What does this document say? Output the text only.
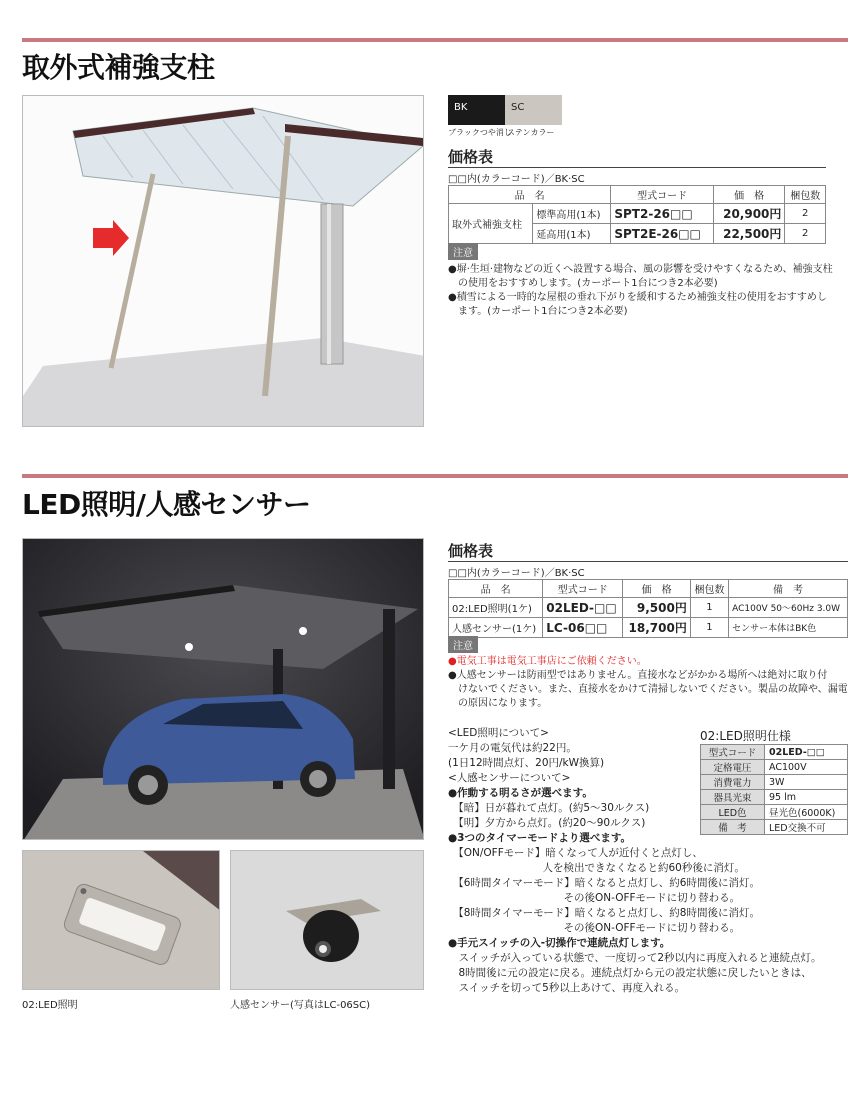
取外式補強支柱
BK	SC
ブラックつや消し
ステンカラー
価格表
□□内(カラーコード)／BK·SC
品　名		型式コード	価　格	梱包数
取外式補強支柱	標準高用(1本)	SPT2-26□□	20,900円	2
	延高用(1本)	SPT2E-26□□	22,500円	2
注意
●塀·生垣·建物などの近くへ設置する場合、風の影響を受けやすくなるため、補強支柱
　の使用をおすすめします。(カーポート1台につき2本必要)
●積雪による一時的な屋根の垂れ下がりを緩和するため補強支柱の使用をおすすめし
　ます。(カーポート1台につき2本必要)
LED照明/人感センサー
02:LED照明	人感センサー(写真はLC-06SC)
価格表
□□内(カラーコード)／BK·SC
品　名	型式コード	価　格	梱包数	備　考
02:LED照明(1ケ)	02LED-□□	9,500円	1	AC100V 50～60Hz 3.0W
人感センサー(1ケ)	LC-06□□	18,700円	1	センサー本体はBK色
注意
●電気工事は電気工事店にご依頼ください。
●人感センサーは防雨型ではありません。直接水などがかかる場所へは絶対に取り付
　けないでください。また、直接水をかけて清掃しないでください。製品の故障や、漏電
　の原因になります。
<LED照明について>
一ケ月の電気代は約22円。
(1日12時間点灯、20円/kW換算)
<人感センサーについて>
●作動する明るさが選べます。
　【暗】日が暮れて点灯。(約5～30ルクス)
　【明】夕方から点灯。(約20～90ルクス)
●3つのタイマーモードより選べます。
　【ON/OFFモード】暗くなって人が近付くと点灯し、
　　　　　　　　　人を検出できなくなると約60秒後に消灯。
　【6時間タイマーモード】暗くなると点灯し、約6時間後に消灯。
　　　　　　　　　　　その後ON-OFFモードに切り替わる。
　【8時間タイマーモード】暗くなると点灯し、約8時間後に消灯。
　　　　　　　　　　　その後ON-OFFモードに切り替わる。
●手元スイッチの入-切操作で連続点灯します。
　スイッチが入っている状態で、一度切って2秒以内に再度入れると連続点灯。
　8時間後に元の設定に戻る。連続点灯から元の設定状態に戻したいときは、
　スイッチを切って5秒以上あけて、再度入れる。
02:LED照明仕様
型式コード	02LED-□□
定格電圧	AC100V
消費電力	3W
器具光束	95 lm
LED色	昼光色(6000K)
備　考	LED交換不可
